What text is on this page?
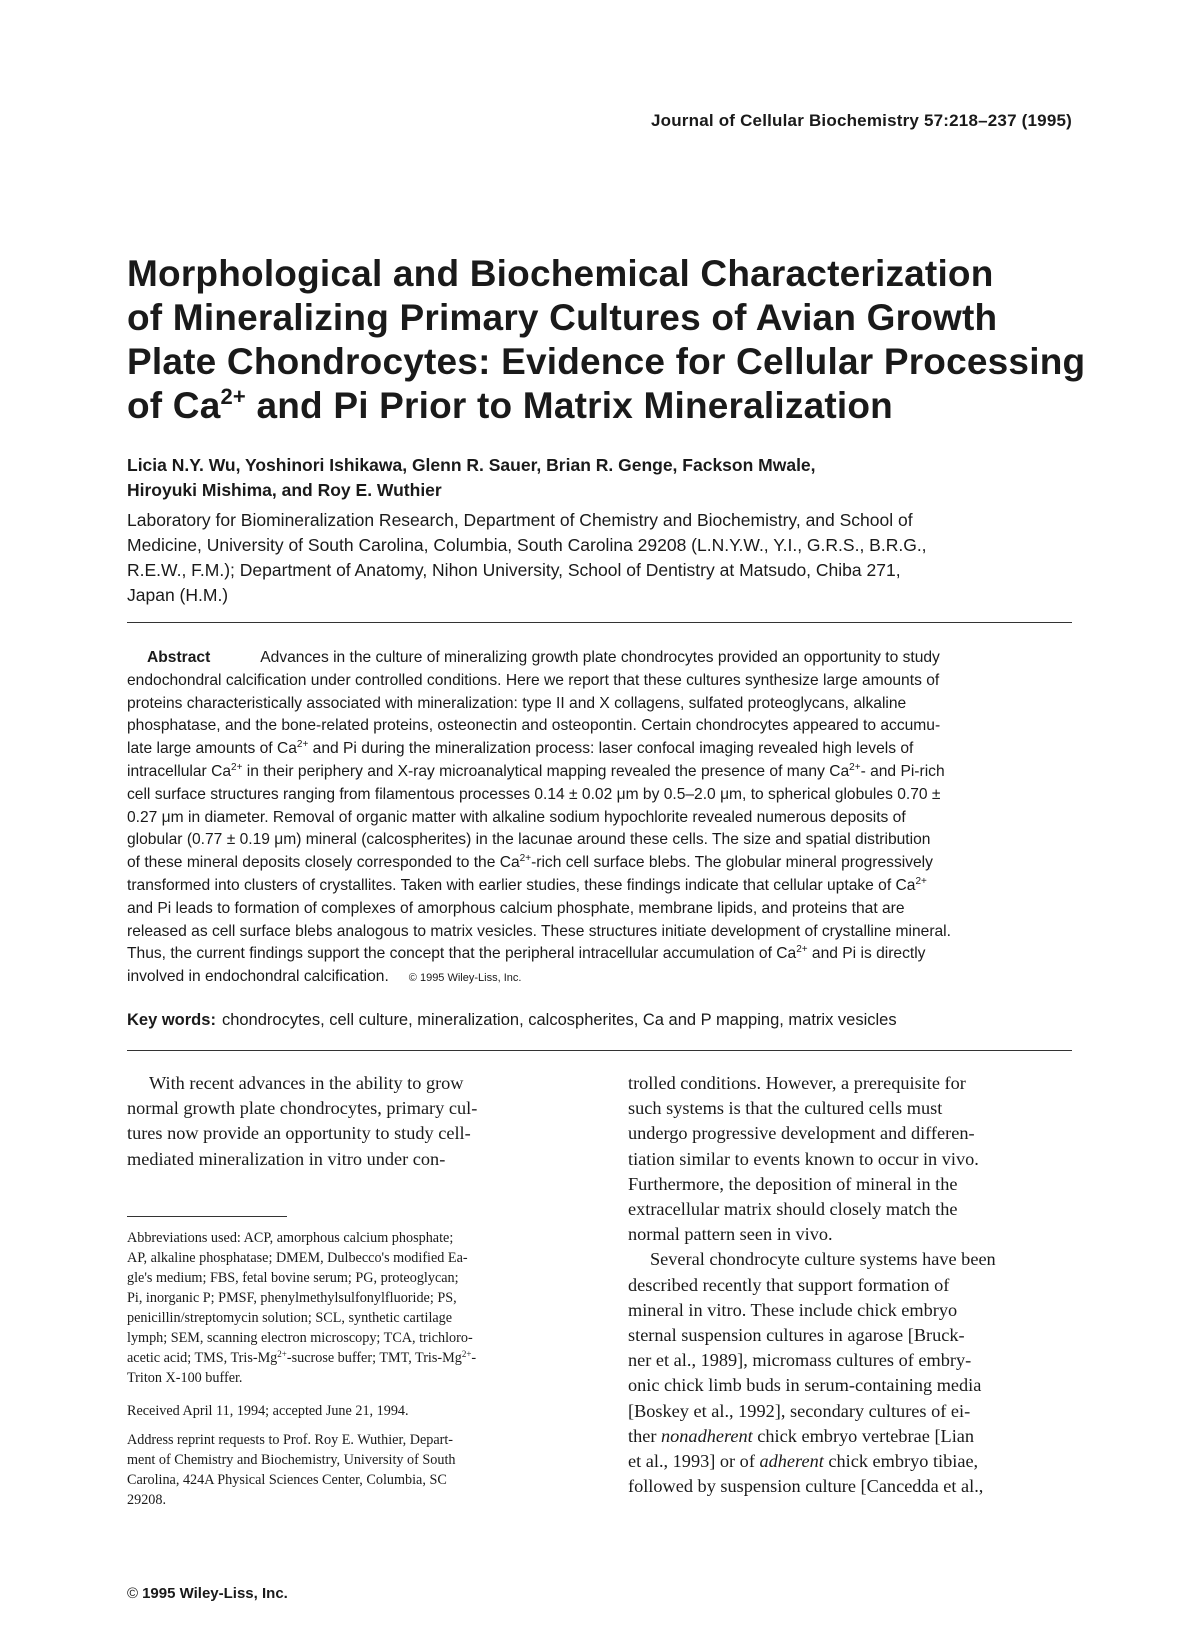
Journal of Cellular Biochemistry 57:218–237 (1995)
Morphological and Biochemical Characterization
of Mineralizing Primary Cultures of Avian Growth
Plate Chondrocytes: Evidence for Cellular Processing
of $Ca^{2+}$ and Pi Prior to Matrix Mineralization
Licia N.Y. Wu, Yoshinori Ishikawa, Glenn R. Sauer, Brian R. Genge, Fackson Mwale,
Hiroyuki Mishima, and Roy E. Wuthier
Laboratory for Biomineralization Research, Department of Chemistry and Biochemistry, and School of
Medicine, University of South Carolina, Columbia, South Carolina 29208 (L.N.Y.W., Y.I., G.R.S., B.R.G.,
R.E.W., F.M.); Department of Anatomy, Nihon University, School of Dentistry at Matsudo, Chiba 271,
Japan (H.M.)
Abstract	Advances in the culture of mineralizing growth plate chondrocytes provided an opportunity to study
endochondral calcification under controlled conditions. Here we report that these cultures synthesize large amounts of
proteins characteristically associated with mineralization: type II and X collagens, sulfated proteoglycans, alkaline
phosphatase, and the bone-related proteins, osteonectin and osteopontin. Certain chondrocytes appeared to accumu-
late large amounts of $Ca^{2+}$ and Pi during the mineralization process: laser confocal imaging revealed high levels of
intracellular $Ca^{2+}$ in their periphery and X-ray microanalytical mapping revealed the presence of many $Ca^{2+}-$ and Pi-rich
cell surface structures ranging from filamentous processes 0.14 ± 0.02 μm by 0.5–2.0 μm, to spherical globules 0.70 ±
0.27 μm in diameter. Removal of organic matter with alkaline sodium hypochlorite revealed numerous deposits of
globular (0.77 ± 0.19 μm) mineral (calcospherites) in the lacunae around these cells. The size and spatial distribution
of these mineral deposits closely corresponded to the $Ca^{2+}$-rich cell surface blebs. The globular mineral progressively
transformed into clusters of crystallites. Taken with earlier studies, these findings indicate that cellular uptake of $Ca^{2+}$
and Pi leads to formation of complexes of amorphous calcium phosphate, membrane lipids, and proteins that are
released as cell surface blebs analogous to matrix vesicles. These structures initiate development of crystalline mineral.
Thus, the current findings support the concept that the peripheral intracellular accumulation of $Ca^{2+}$ and Pi is directly
involved in endochondral calcification. © 1995 Wiley-Liss, Inc.
Key words: chondrocytes, cell culture, mineralization, calcospherites, Ca and P mapping, matrix vesicles
With recent advances in the ability to grow
normal growth plate chondrocytes, primary cul-
tures now provide an opportunity to study cell-
mediated mineralization in vitro under con-
Abbreviations used: ACP, amorphous calcium phosphate;
AP, alkaline phosphatase; DMEM, Dulbecco's modified Ea-
gle's medium; FBS, fetal bovine serum; PG, proteoglycan;
Pi, inorganic P; PMSF, phenylmethylsulfonylfluoride; PS,
penicillin/streptomycin solution; SCL, synthetic cartilage
lymph; SEM, scanning electron microscopy; TCA, trichloro-
acetic acid; TMS, Tris-$Mg^{2+}$-sucrose buffer; TMT, Tris-$Mg^{2+}-$
Triton X-100 buffer.
Received April 11, 1994; accepted June 21, 1994.
Address reprint requests to Prof. Roy E. Wuthier, Depart-
ment of Chemistry and Biochemistry, University of South
Carolina, 424A Physical Sciences Center, Columbia, SC
29208.
trolled conditions. However, a prerequisite for
such systems is that the cultured cells must
undergo progressive development and differen-
tiation similar to events known to occur in vivo.
Furthermore, the deposition of mineral in the
extracellular matrix should closely match the
normal pattern seen in vivo.
Several chondrocyte culture systems have been
described recently that support formation of
mineral in vitro. These include chick embryo
sternal suspension cultures in agarose [Bruck-
ner et al., 1989], micromass cultures of embry-
onic chick limb buds in serum-containing media
[Boskey et al., 1992], secondary cultures of ei-
ther nonadherent chick embryo vertebrae [Lian
et al., 1993] or of adherent chick embryo tibiae,
followed by suspension culture [Cancedda et al.,
© 1995 Wiley-Liss, Inc.
